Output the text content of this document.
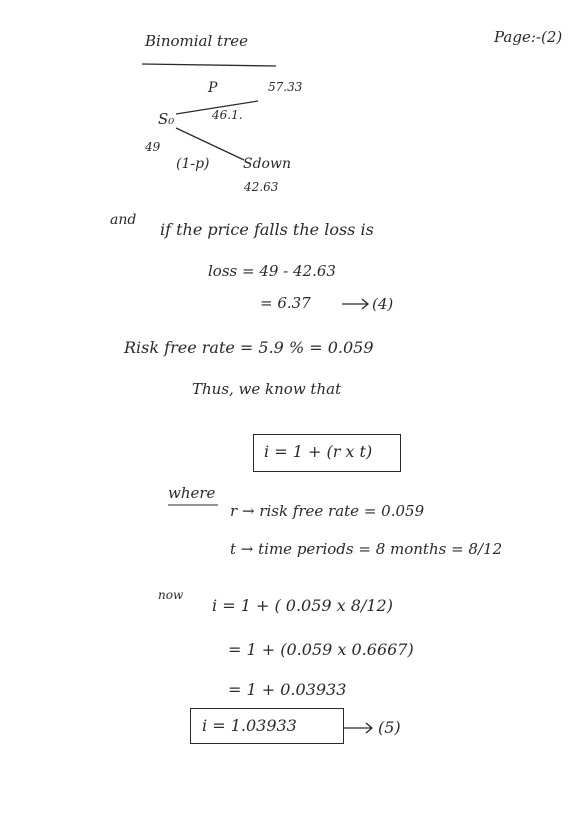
Binomial tree	Page:-(2)
P	57.33
46.1.
S₀
49
(1-p) Sdown
42.63
and if the price falls the loss is
loss = 49 - 42.63
= 6.37	(4)
Risk free rate = 5.9 % = 0.059
Thus, we know that
i = 1 + (r x t)
where
r → risk free rate = 0.059
t → time periods = 8 months = 8/12
now
i = 1 + ( 0.059 x 8/12)
= 1 + (0.059 x 0.6667)
= 1 + 0.03933
i = 1.03933	(5)
